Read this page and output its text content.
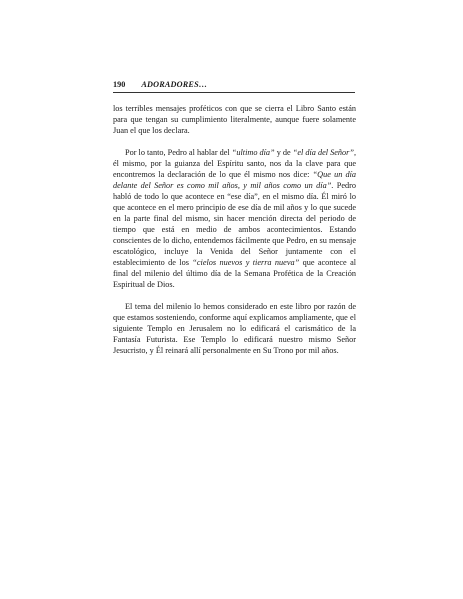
190 ADORADORES…

los terribles mensajes proféticos con que se cierra el Libro Santo están para que tengan su cumplimiento literalmente, aunque fuere solamente Juan el que los declara.

Por lo tanto, Pedro al hablar del “ultimo día” y de “el día del Señor”, él mismo, por la guianza del Espíritu santo, nos da la clave para que encontremos la declaración de lo que él mismo nos dice: “Que un día delante del Señor es como mil años, y mil años como un día”. Pedro habló de todo lo que acontece en “ese día”, en el mismo día. Él miró lo que acontece en el mero principio de ese día de mil años y lo que sucede en la parte final del mismo, sin hacer mención directa del periodo de tiempo que está en medio de ambos acontecimientos. Estando conscientes de lo dicho, entendemos fácilmente que Pedro, en su mensaje escatológico, incluye la Venida del Señor juntamente con el establecimiento de los “cielos nuevos y tierra nueva” que acontece al final del milenio del último día de la Semana Profética de la Creación Espiritual de Dios.

El tema del milenio lo hemos considerado en este libro por razón de que estamos sosteniendo, conforme aquí explicamos ampliamente, que el siguiente Templo en Jerusalem no lo edificará el carismático de la Fantasía Futurista. Ese Templo lo edificará nuestro mismo Señor Jesucristo, y Él reinará allí personalmente en Su Trono por mil años.
